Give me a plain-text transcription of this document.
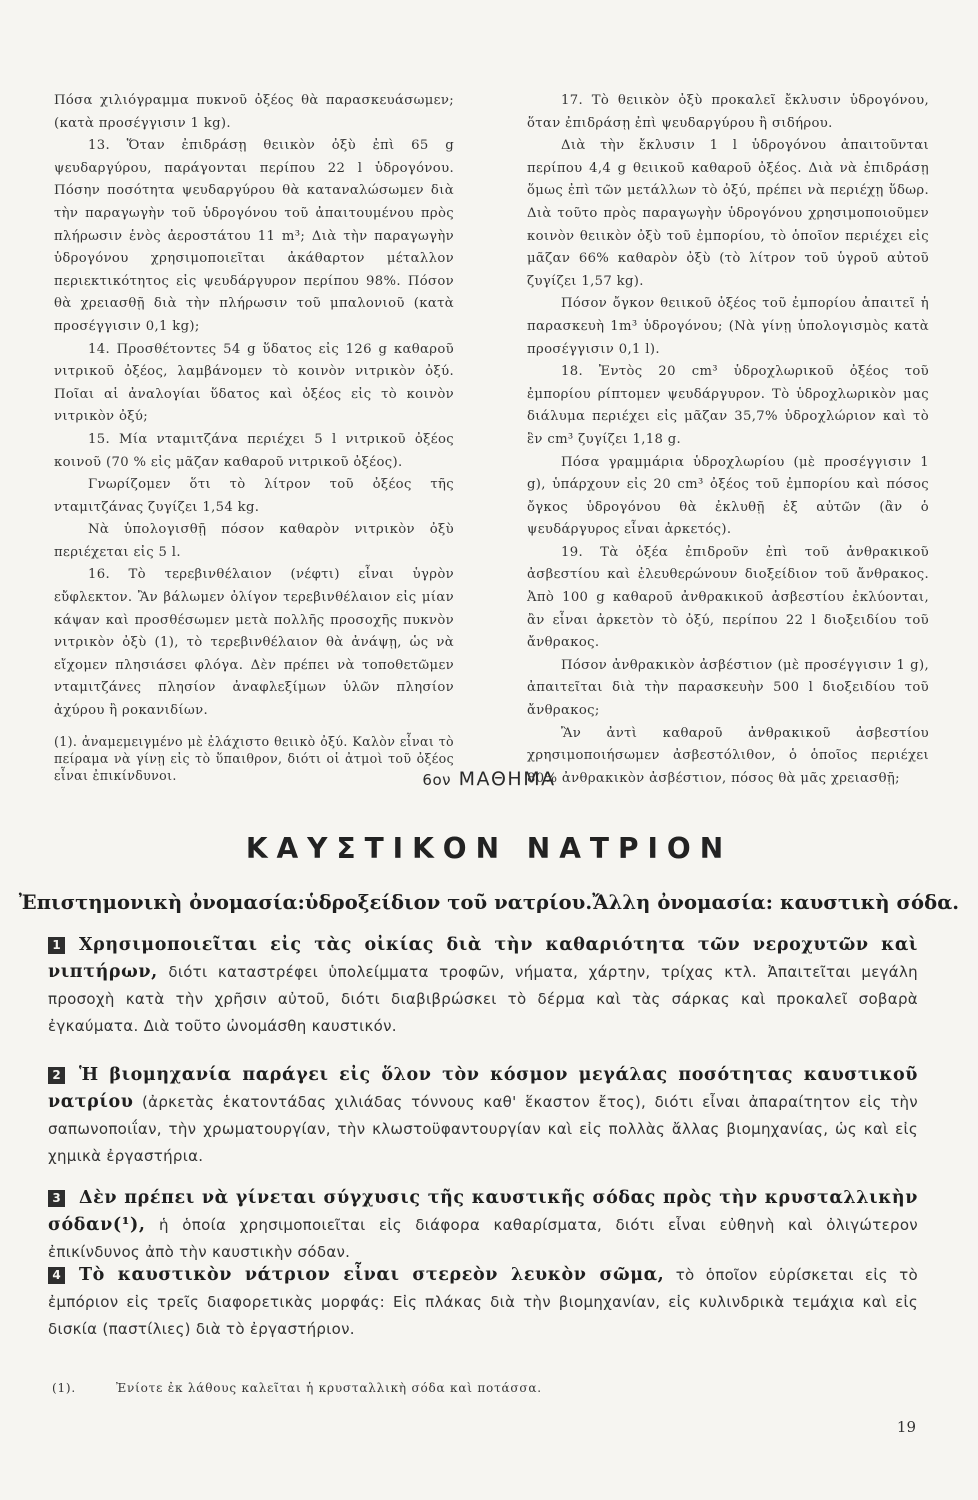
Πόσα χιλιόγραμμα πυκνοῦ ὀξέος θὰ παρασκευάσωμεν; (κατὰ προσέγγισιν 1 kg).

13. Ὅταν ἐπιδράσῃ θειικὸν ὀξὺ ἐπὶ 65 g ψευδαργύρου, παράγονται περίπου 22 l ὑδρογόνου. Πόσην ποσότητα ψευδαργύρου θὰ καταναλώσωμεν διὰ τὴν παραγωγὴν τοῦ ὑδρογόνου τοῦ ἀπαιτουμένου πρὸς πλήρωσιν ἑνὸς ἀεροστάτου 11 m³; Διὰ τὴν παραγωγὴν ὑδρογόνου χρησιμοποιεῖται ἀκάθαρτον μέταλλον περιεκτικότητος εἰς ψευδάργυρον περίπου 98%. Πόσον θὰ χρειασθῇ διὰ τὴν πλήρωσιν τοῦ μπαλονιοῦ (κατὰ προσέγγισιν 0,1 kg);

14. Προσθέτοντες 54 g ὕδατος εἰς 126 g καθαροῦ νιτρικοῦ ὀξέος, λαμβάνομεν τὸ κοινὸν νιτρικὸν ὀξύ. Ποῖαι αἱ ἀναλογίαι ὕδατος καὶ ὀξέος εἰς τὸ κοινὸν νιτρικὸν ὀξύ;

15. Μία νταμιτζάνα περιέχει 5 l νιτρικοῦ ὀξέος κοινοῦ (70 % εἰς μᾶζαν καθαροῦ νιτρικοῦ ὀξέος).

Γνωρίζομεν ὅτι τὸ λίτρον τοῦ ὀξέος τῆς νταμιτζάνας ζυγίζει 1,54 kg.

Νὰ ὑπολογισθῇ πόσον καθαρὸν νιτρικὸν ὀξὺ περιέχεται εἰς 5 l.

16. Τὸ τερεβινθέλαιον (νέφτι) εἶναι ὑγρὸν εὔφλεκτον. Ἂν βάλωμεν ὀλίγον τερεβινθέλαιον εἰς μίαν κάψαν καὶ προσθέσωμεν μετὰ πολλῆς προσοχῆς πυκνὸν νιτρικὸν ὀξὺ (1), τὸ τερεβινθέλαιον θὰ ἀνάψῃ, ὡς νὰ εἴχομεν πλησιάσει φλόγα. Δὲν πρέπει νὰ τοποθετῶμεν νταμιτζάνες πλησίον ἀναφλεξίμων ὑλῶν πλησίον ἀχύρου ἢ ροκανιδίων.

(1). ἀναμεμειγμένο μὲ ἐλάχιστο θειικὸ ὀξύ. Καλὸν εἶναι τὸ πείραμα νὰ γίνῃ εἰς τὸ ὕπαιθρον, διότι οἱ ἀτμοὶ τοῦ ὀξέος εἶναι ἐπικίνδυνοι.

17. Τὸ θειικὸν ὀξὺ προκαλεῖ ἔκλυσιν ὑδρογόνου, ὅταν ἐπιδράσῃ ἐπὶ ψευδαργύρου ἢ σιδήρου.

Διὰ τὴν ἔκλυσιν 1 l ὑδρογόνου ἀπαιτοῦνται περίπου 4,4 g θειικοῦ καθαροῦ ὀξέος. Διὰ νὰ ἐπιδράσῃ ὅμως ἐπὶ τῶν μετάλλων τὸ ὀξύ, πρέπει νὰ περιέχῃ ὕδωρ. Διὰ τοῦτο πρὸς παραγωγὴν ὑδρογόνου χρησιμοποιοῦμεν κοινὸν θειικὸν ὀξὺ τοῦ ἐμπορίου, τὸ ὁποῖον περιέχει εἰς μᾶζαν 66% καθαρὸν ὀξὺ (τὸ λίτρον τοῦ ὑγροῦ αὐτοῦ ζυγίζει 1,57 kg).

Πόσον ὄγκον θειικοῦ ὀξέος τοῦ ἐμπορίου ἀπαιτεῖ ἡ παρασκευὴ 1m³ ὑδρογόνου; (Νὰ γίνῃ ὑπολογισμὸς κατὰ προσέγγισιν 0,1 l).

18. Ἐντὸς 20 cm³ ὑδροχλωρικοῦ ὀξέος τοῦ ἐμπορίου ρίπτομεν ψευδάργυρον. Τὸ ὑδροχλωρικὸν μας διάλυμα περιέχει εἰς μᾶζαν 35,7% ὑδροχλώριον καὶ τὸ ἓν cm³ ζυγίζει 1,18 g.

Πόσα γραμμάρια ὑδροχλωρίου (μὲ προσέγγισιν 1 g), ὑπάρχουν εἰς 20 cm³ ὀξέος τοῦ ἐμπορίου καὶ πόσος ὄγκος ὑδρογόνου θὰ ἐκλυθῇ ἐξ αὐτῶν (ἂν ὁ ψευδάργυρος εἶναι ἀρκετός).

19. Τὰ ὀξέα ἐπιδροῦν ἐπὶ τοῦ ἀνθρακικοῦ ἀσβεστίου καὶ ἐλευθερώνουν διοξείδιον τοῦ ἄνθρακος. Ἀπὸ 100 g καθαροῦ ἀνθρακικοῦ ἀσβεστίου ἐκλύονται, ἂν εἶναι ἀρκετὸν τὸ ὀξύ, περίπου 22 l διοξειδίου τοῦ ἄνθρακος.

Πόσον ἀνθρακικὸν ἀσβέστιον (μὲ προσέγγισιν 1 g), ἀπαιτεῖται διὰ τὴν παρασκευὴν 500 l διοξειδίου τοῦ ἄνθρακος;

Ἂν ἀντὶ καθαροῦ ἀνθρακικοῦ ἀσβεστίου χρησιμοποιήσωμεν ἀσβεστόλιθον, ὁ ὁποῖος περιέχει 80% ἀνθρακικὸν ἀσβέστιον, πόσος θὰ μᾶς χρειασθῇ;

6ον ΜΑΘΗΜΑ
ΚΑΥΣΤΙΚΟΝ ΝΑΤΡΙΟΝ
Ἐπιστημονικὴ ὀνομασία:ὑδροξείδιον τοῦ νατρίου.Ἄλλη ὀνομασία: καυστικὴ σόδα.
1 Χρησιμοποιεῖται εἰς τὰς οἰκίας διὰ τὴν καθαριότητα τῶν νεροχυτῶν καὶ νιπτήρων, διότι καταστρέφει ὑπολείμματα τροφῶν, νήματα, χάρτην, τρίχας κτλ. Ἀπαιτεῖται μεγάλη προσοχὴ κατὰ τὴν χρῆσιν αὐτοῦ, διότι διαβιβρώσκει τὸ δέρμα καὶ τὰς σάρκας καὶ προκαλεῖ σοβαρὰ ἐγκαύματα. Διὰ τοῦτο ὠνομάσθη καυστικόν.
2 Ἡ βιομηχανία παράγει εἰς ὅλον τὸν κόσμον μεγάλας ποσότητας καυστικοῦ νατρίου (ἀρκετὰς ἑκατοντάδας χιλιάδας τόννους καθ' ἕκαστον ἔτος), διότι εἶναι ἀπαραίτητον εἰς τὴν σαπωνοποιΐαν, τὴν χρωματουργίαν, τὴν κλωστοϋφαντουργίαν καὶ εἰς πολλὰς ἄλλας βιομηχανίας, ὡς καὶ εἰς χημικὰ ἐργαστήρια.
3 Δὲν πρέπει νὰ γίνεται σύγχυσις τῆς καυστικῆς σόδας πρὸς τὴν κρυσταλλικὴν σόδαν(¹), ἡ ὁποία χρησιμοποιεῖται εἰς διάφορα καθαρίσματα, διότι εἶναι εὐθηνὴ καὶ ὀλιγώτερον ἐπικίνδυνος ἀπὸ τὴν καυστικὴν σόδαν.
4 Τὸ καυστικὸν νάτριον εἶναι στερεὸν λευκὸν σῶμα, τὸ ὁποῖον εὑρίσκεται εἰς τὸ ἐμπόριον εἰς τρεῖς διαφορετικὰς μορφάς: Εἰς πλάκας διὰ τὴν βιομηχανίαν, εἰς κυλινδρικὰ τεμάχια καὶ εἰς δισκία (παστίλιες) διὰ τὸ ἐργαστήριον.
(1).	Ἐνίοτε ἐκ λάθους καλεῖται ἡ κρυσταλλικὴ σόδα καὶ ποτάσσα.
19
